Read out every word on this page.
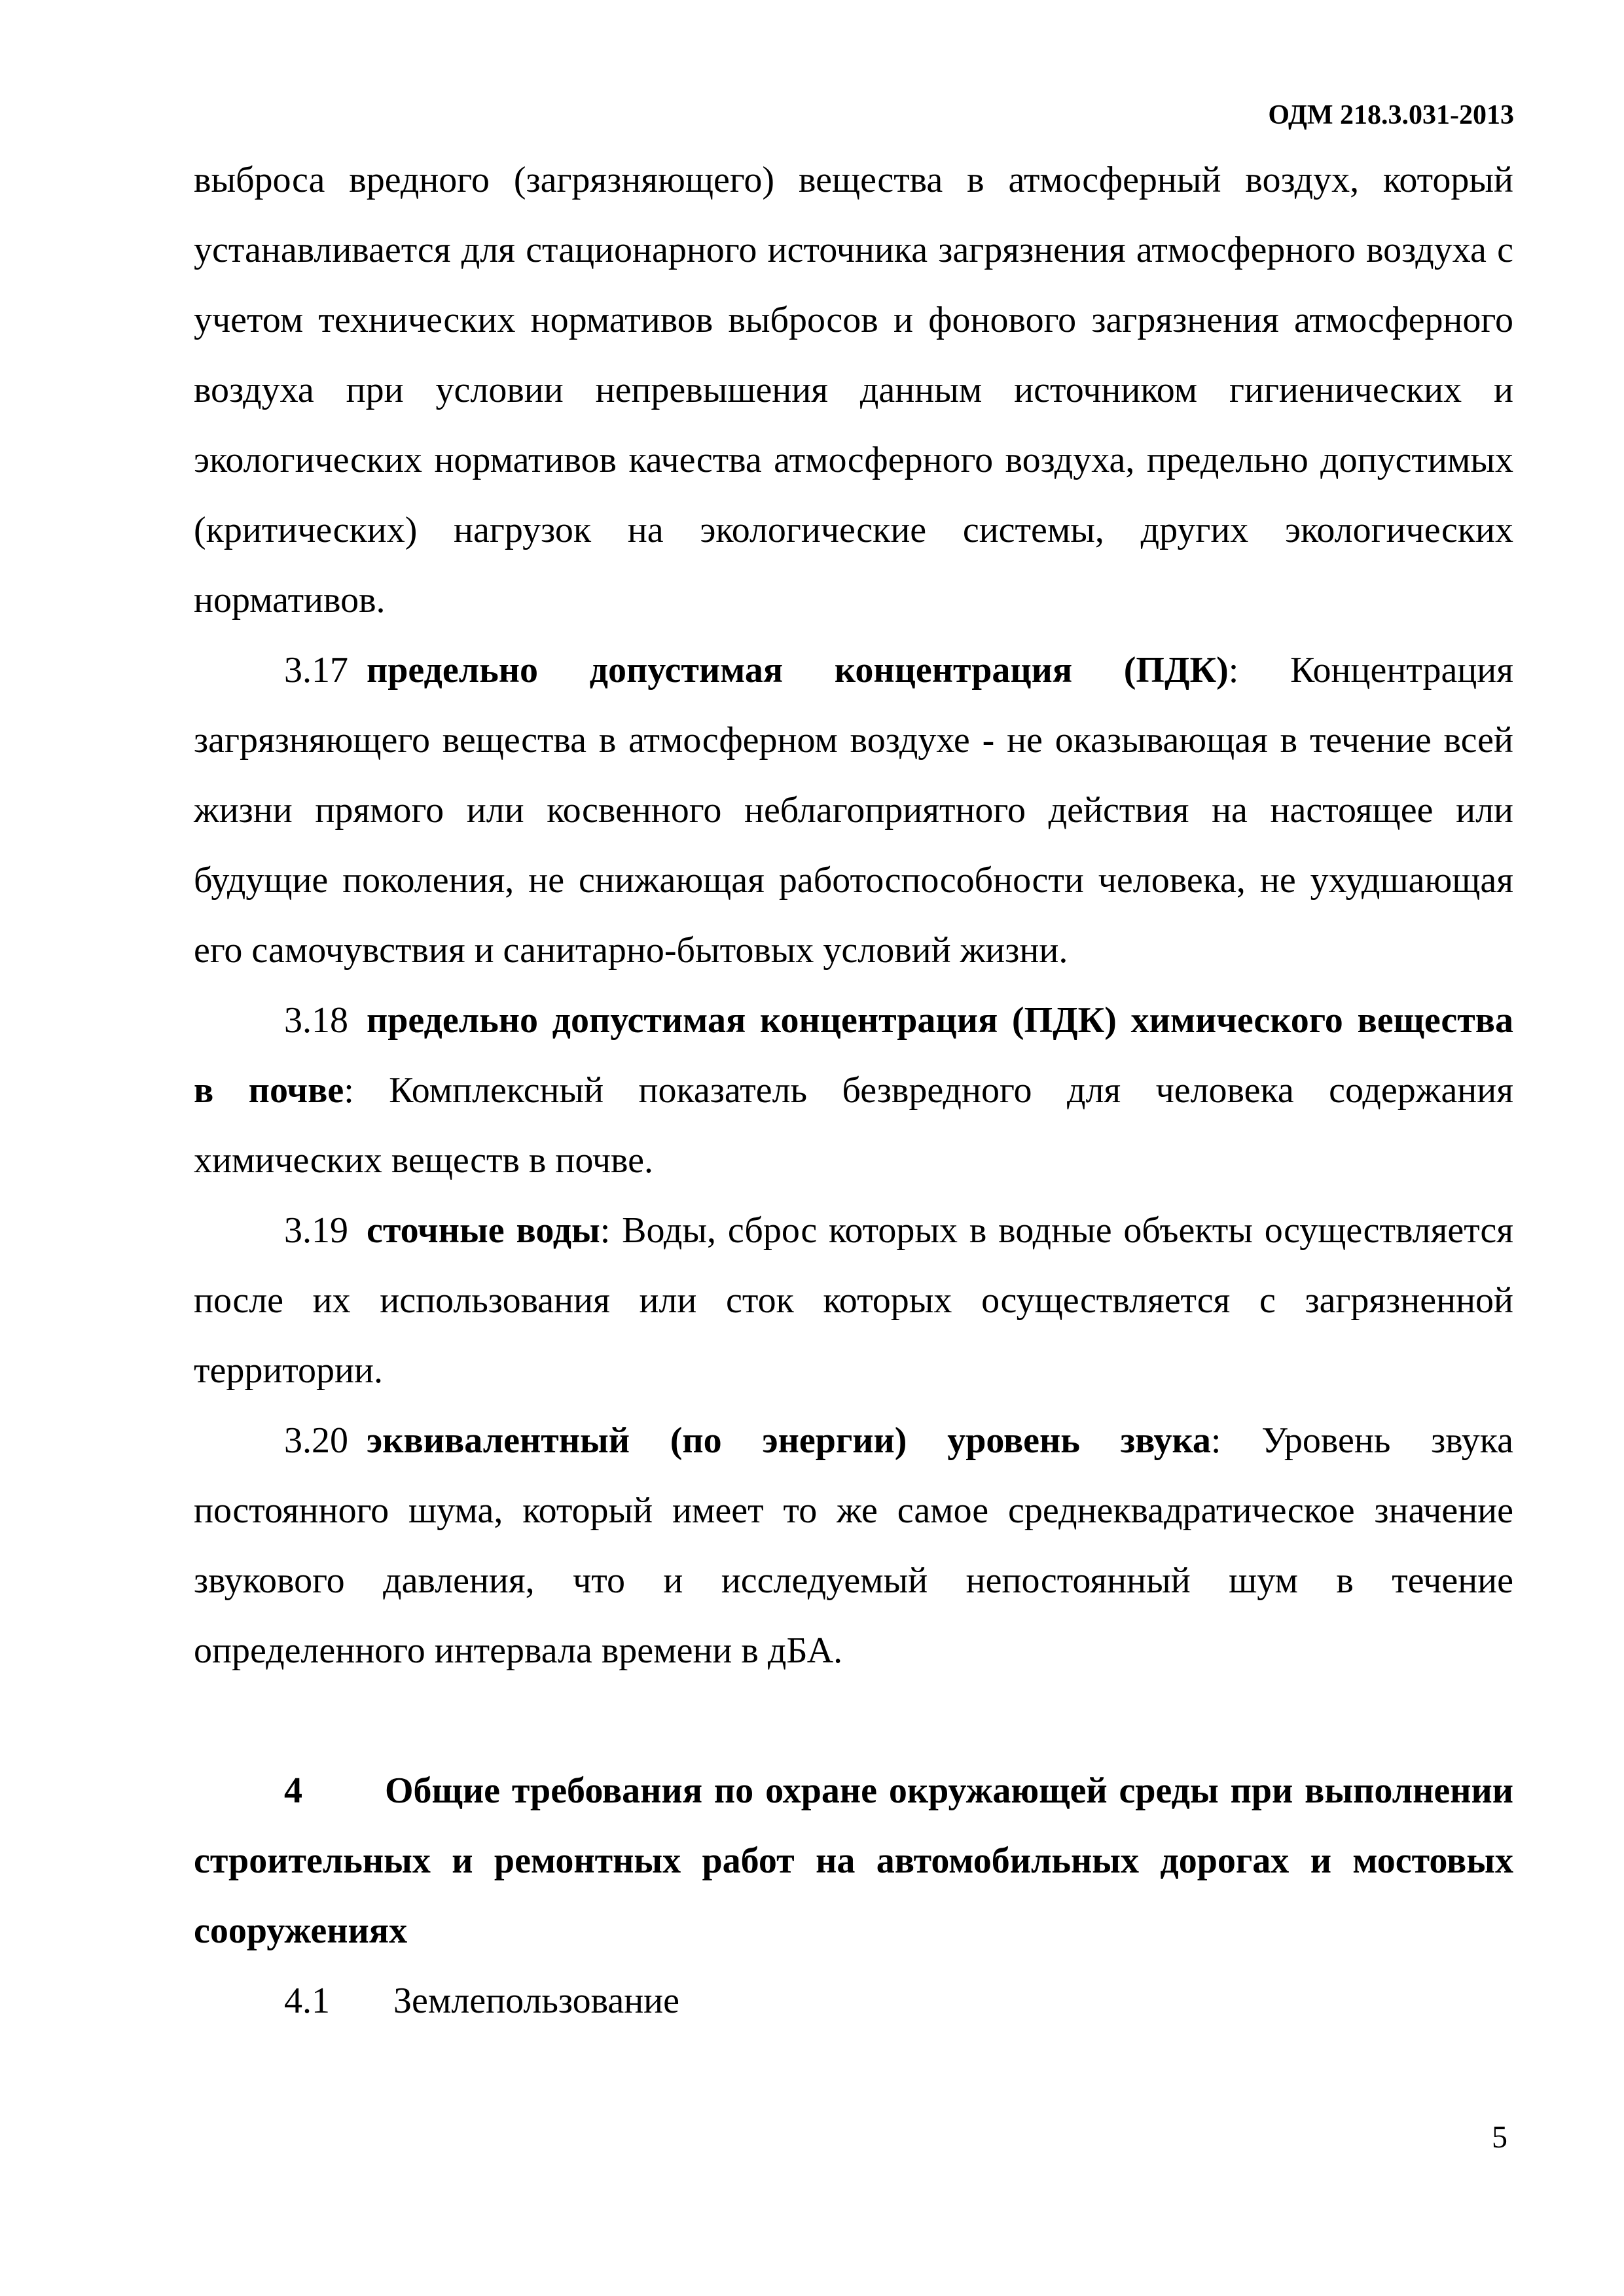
ОДМ 218.3.031-2013

выброса вредного (загрязняющего) вещества в атмосферный воздух, который устанавливается для стационарного источника загрязнения атмосферного воздуха с учетом технических нормативов выбросов и фонового загрязнения атмосферного воздуха при условии непревышения данным источником гигиенических и экологических нормативов качества атмосферного воздуха, предельно допустимых (критических) нагрузок на экологические системы, других экологических нормативов.

3.17 предельно допустимая концентрация (ПДК): Концентрация загрязняющего вещества в атмосферном воздухе - не оказывающая в течение всей жизни прямого или косвенного неблагоприятного действия на настоящее или будущие поколения, не снижающая работоспособности человека, не ухудшающая его самочувствия и санитарно-бытовых условий жизни.

3.18 предельно допустимая концентрация (ПДК) химического вещества в почве: Комплексный показатель безвредного для человека содержания химических веществ в почве.

3.19 сточные воды: Воды, сброс которых в водные объекты осуществляется после их использования или сток которых осуществляется с загрязненной территории.

3.20 эквивалентный (по энергии) уровень звука: Уровень звука постоянного шума, который имеет то же самое среднеквадратическое значение звукового давления, что и исследуемый непостоянный шум в течение определенного интервала времени в дБА.

4 Общие требования по охране окружающей среды при выполнении строительных и ремонтных работ на автомобильных дорогах и мостовых сооружениях

4.1 Землепользование

5
